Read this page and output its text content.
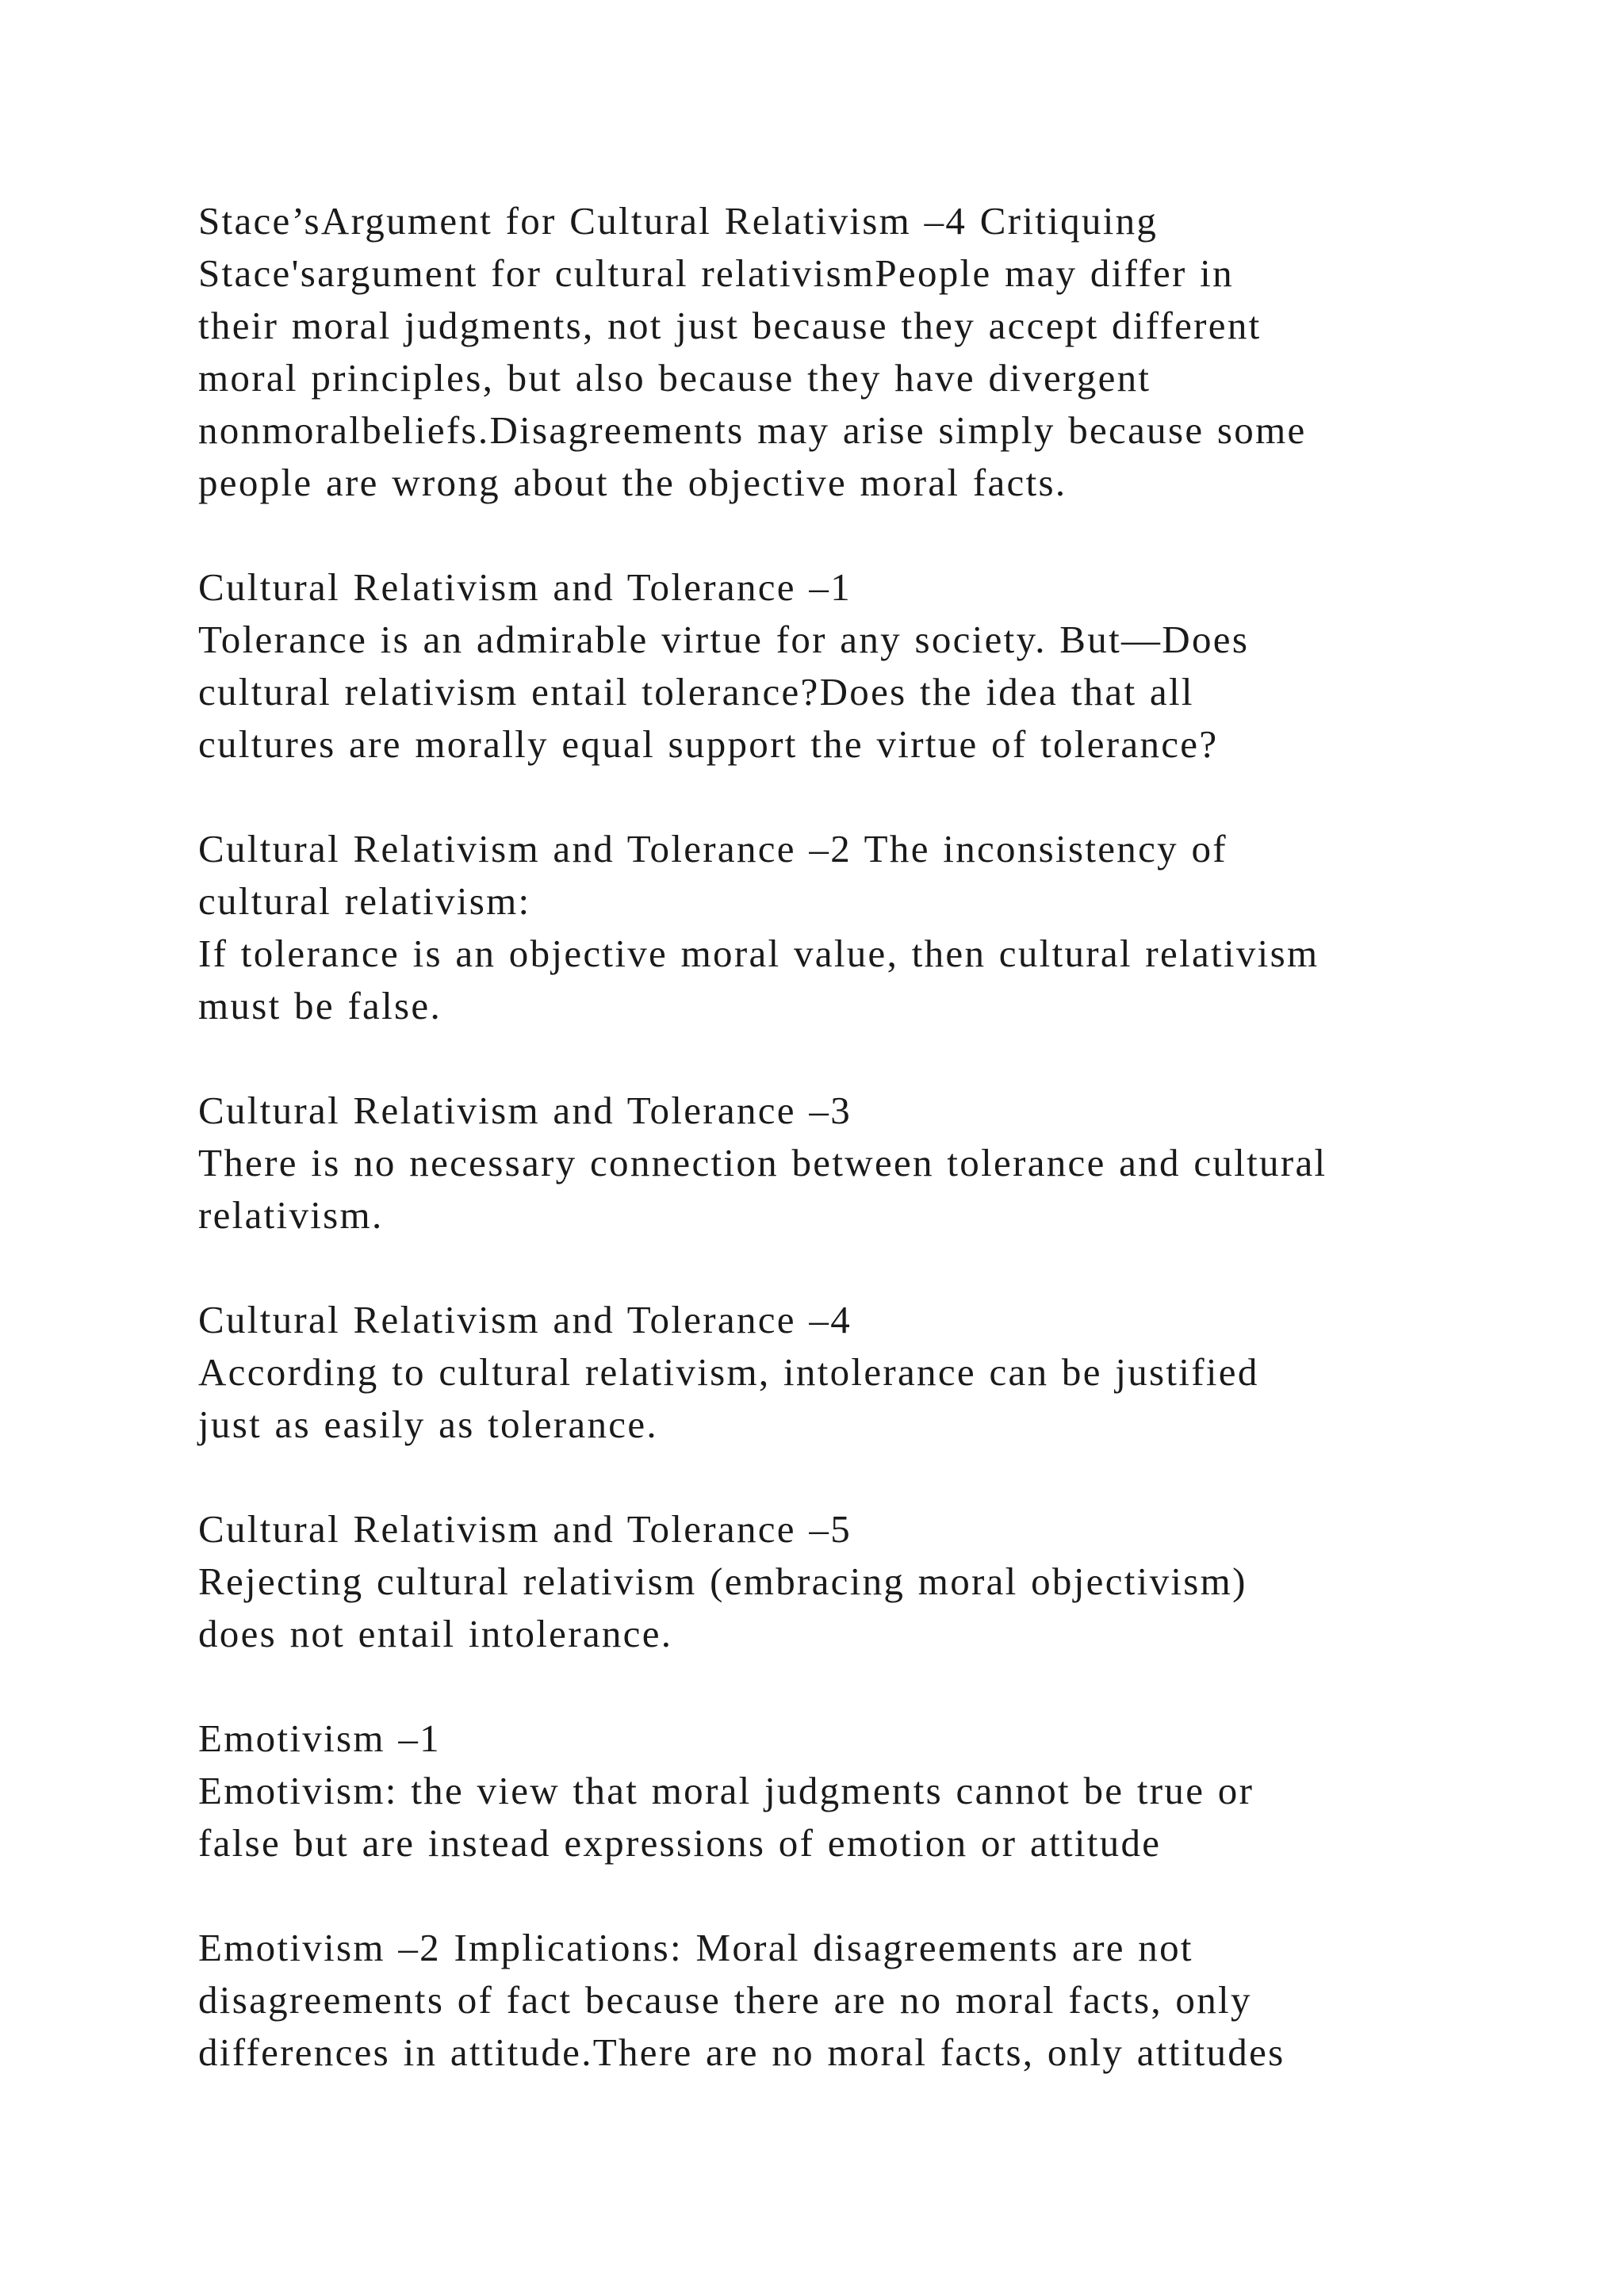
Stace’sArgument for Cultural Relativism –4 Critiquing
Stace'sargument for cultural relativismPeople may differ in
their moral judgments, not just because they accept different
moral principles, but also because they have divergent
nonmoralbeliefs.Disagreements may arise simply because some
people are wrong about the objective moral facts.
Cultural Relativism and Tolerance –1
Tolerance is an admirable virtue for any society. But—Does
cultural relativism entail tolerance?Does the idea that all
cultures are morally equal support the virtue of tolerance?
Cultural Relativism and Tolerance –2 The inconsistency of
cultural relativism:
If tolerance is an objective moral value, then cultural relativism
must be false.
Cultural Relativism and Tolerance –3
There is no necessary connection between tolerance and cultural
relativism.
Cultural Relativism and Tolerance –4
According to cultural relativism, intolerance can be justified
just as easily as tolerance.
Cultural Relativism and Tolerance –5
Rejecting cultural relativism (embracing moral objectivism)
does not entail intolerance.
Emotivism –1
Emotivism: the view that moral judgments cannot be true or
false but are instead expressions of emotion or attitude
Emotivism –2 Implications: Moral disagreements are not
disagreements of fact because there are no moral facts, only
differences in attitude.There are no moral facts, only attitudes
